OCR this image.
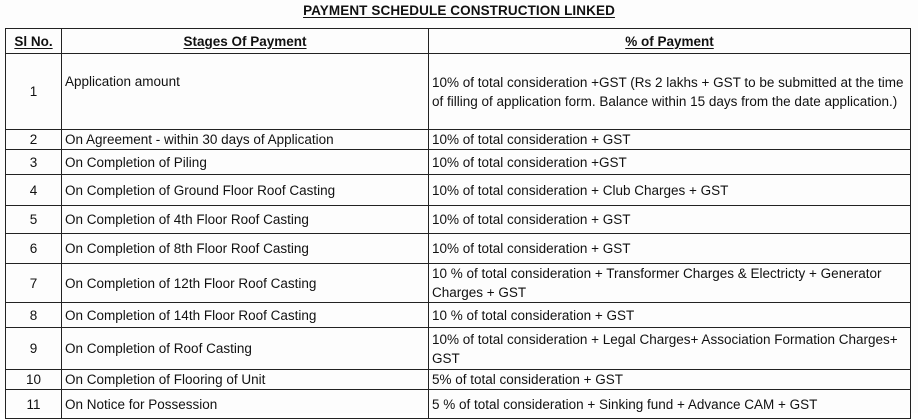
PAYMENT SCHEDULE CONSTRUCTION LINKED
Sl No.	Stages Of Payment	% of Payment
1	Application amount	10% of total consideration +GST (Rs 2 lakhs + GST to be submitted at the time of filling of application form. Balance within 15 days from the date application.)
2	On Agreement - within 30 days of Application	10% of total consideration + GST
3	On Completion of Piling	10% of total consideration +GST
4	On Completion of Ground Floor Roof Casting	10% of total consideration + Club Charges + GST
5	On Completion of 4th Floor Roof Casting	10% of total consideration + GST
6	On Completion of 8th Floor Roof Casting	10% of total consideration + GST
7	On Completion of 12th Floor Roof Casting	10 % of total consideration + Transformer Charges & Electricty + Generator Charges + GST
8	On Completion of 14th Floor Roof Casting	10 % of total consideration + GST
9	On Completion of Roof Casting	10% of total consideration + Legal Charges+ Association Formation Charges+ GST
10	On Completion of Flooring of Unit	5% of total consideration + GST
11	On Notice for Possession	5 % of total consideration + Sinking fund + Advance CAM + GST
